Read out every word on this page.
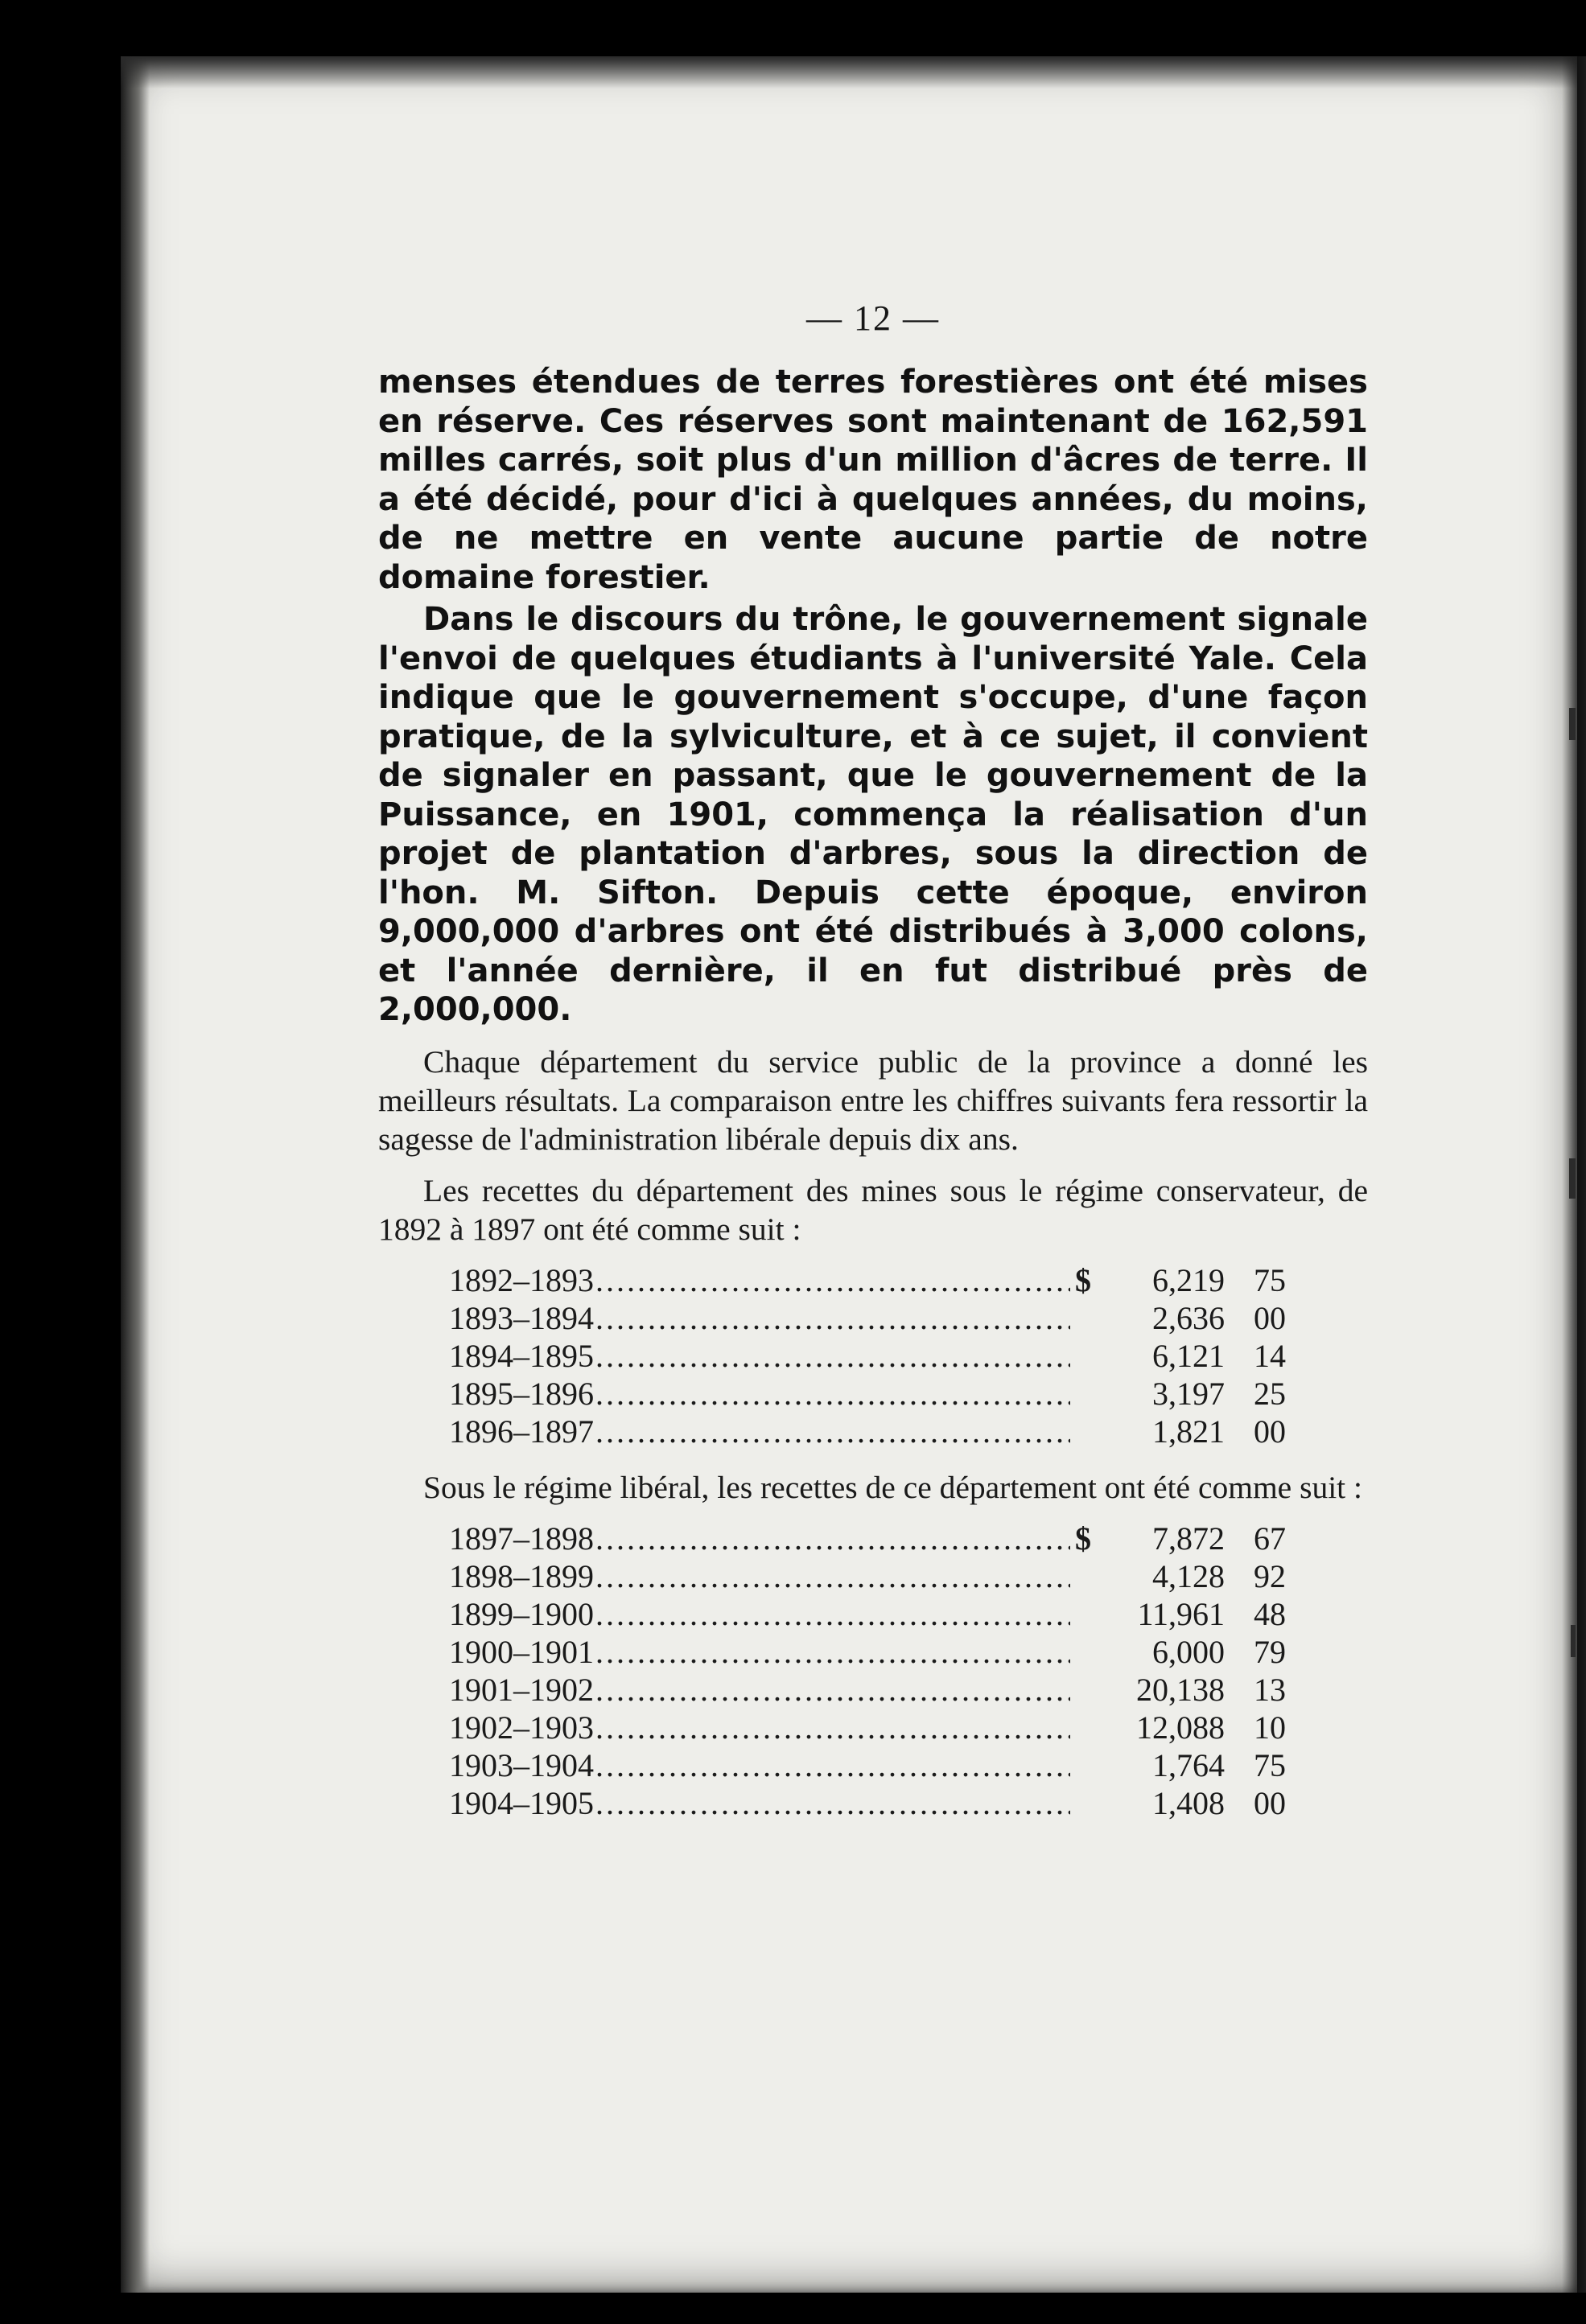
— 12 —

menses étendues de terres forestières ont été mises en réserve. Ces réserves sont maintenant de 162,591 milles carrés, soit plus d'un million d'âcres de terre. Il a été décidé, pour d'ici à quelques années, du moins, de ne mettre en vente aucune partie de notre domaine forestier.

Dans le discours du trône, le gouvernement signale l'envoi de quelques étudiants à l'université Yale. Cela indique que le gouvernement s'occupe, d'une façon pratique, de la sylviculture, et à ce sujet, il convient de signaler en passant, que le gouvernement de la Puissance, en 1901, commença la réalisation d'un projet de plantation d'arbres, sous la direction de l'hon. M. Sifton. Depuis cette époque, environ 9,000,000 d'arbres ont été distribués à 3,000 colons, et l'année dernière, il en fut distribué près de 2,000,000.

Chaque département du service public de la province a donné les meilleurs résultats. La comparaison entre les chiffres suivants fera ressortir la sagesse de l'administration libérale depuis dix ans.

Les recettes du département des mines sous le régime conservateur, de 1892 à 1897 ont été comme suit :

1892–1893 .....	$	6,219 75
1893–1894 .....	2,636 00
1894–1895 .....	6,121 14
1895–1896 .....	3,197 25
1896–1897 .....	1,821 00

Sous le régime libéral, les recettes de ce département ont été comme suit :

1897–1898 .....	$	7,872 67
1898–1899 .....	4,128 92
1899–1900 .....	11,961 48
1900–1901 .....	6,000 79
1901–1902 .....	20,138 13
1902–1903 .....	12,088 10
1903–1904 .....	1,764 75
1904–1905 .....	1,408 00
